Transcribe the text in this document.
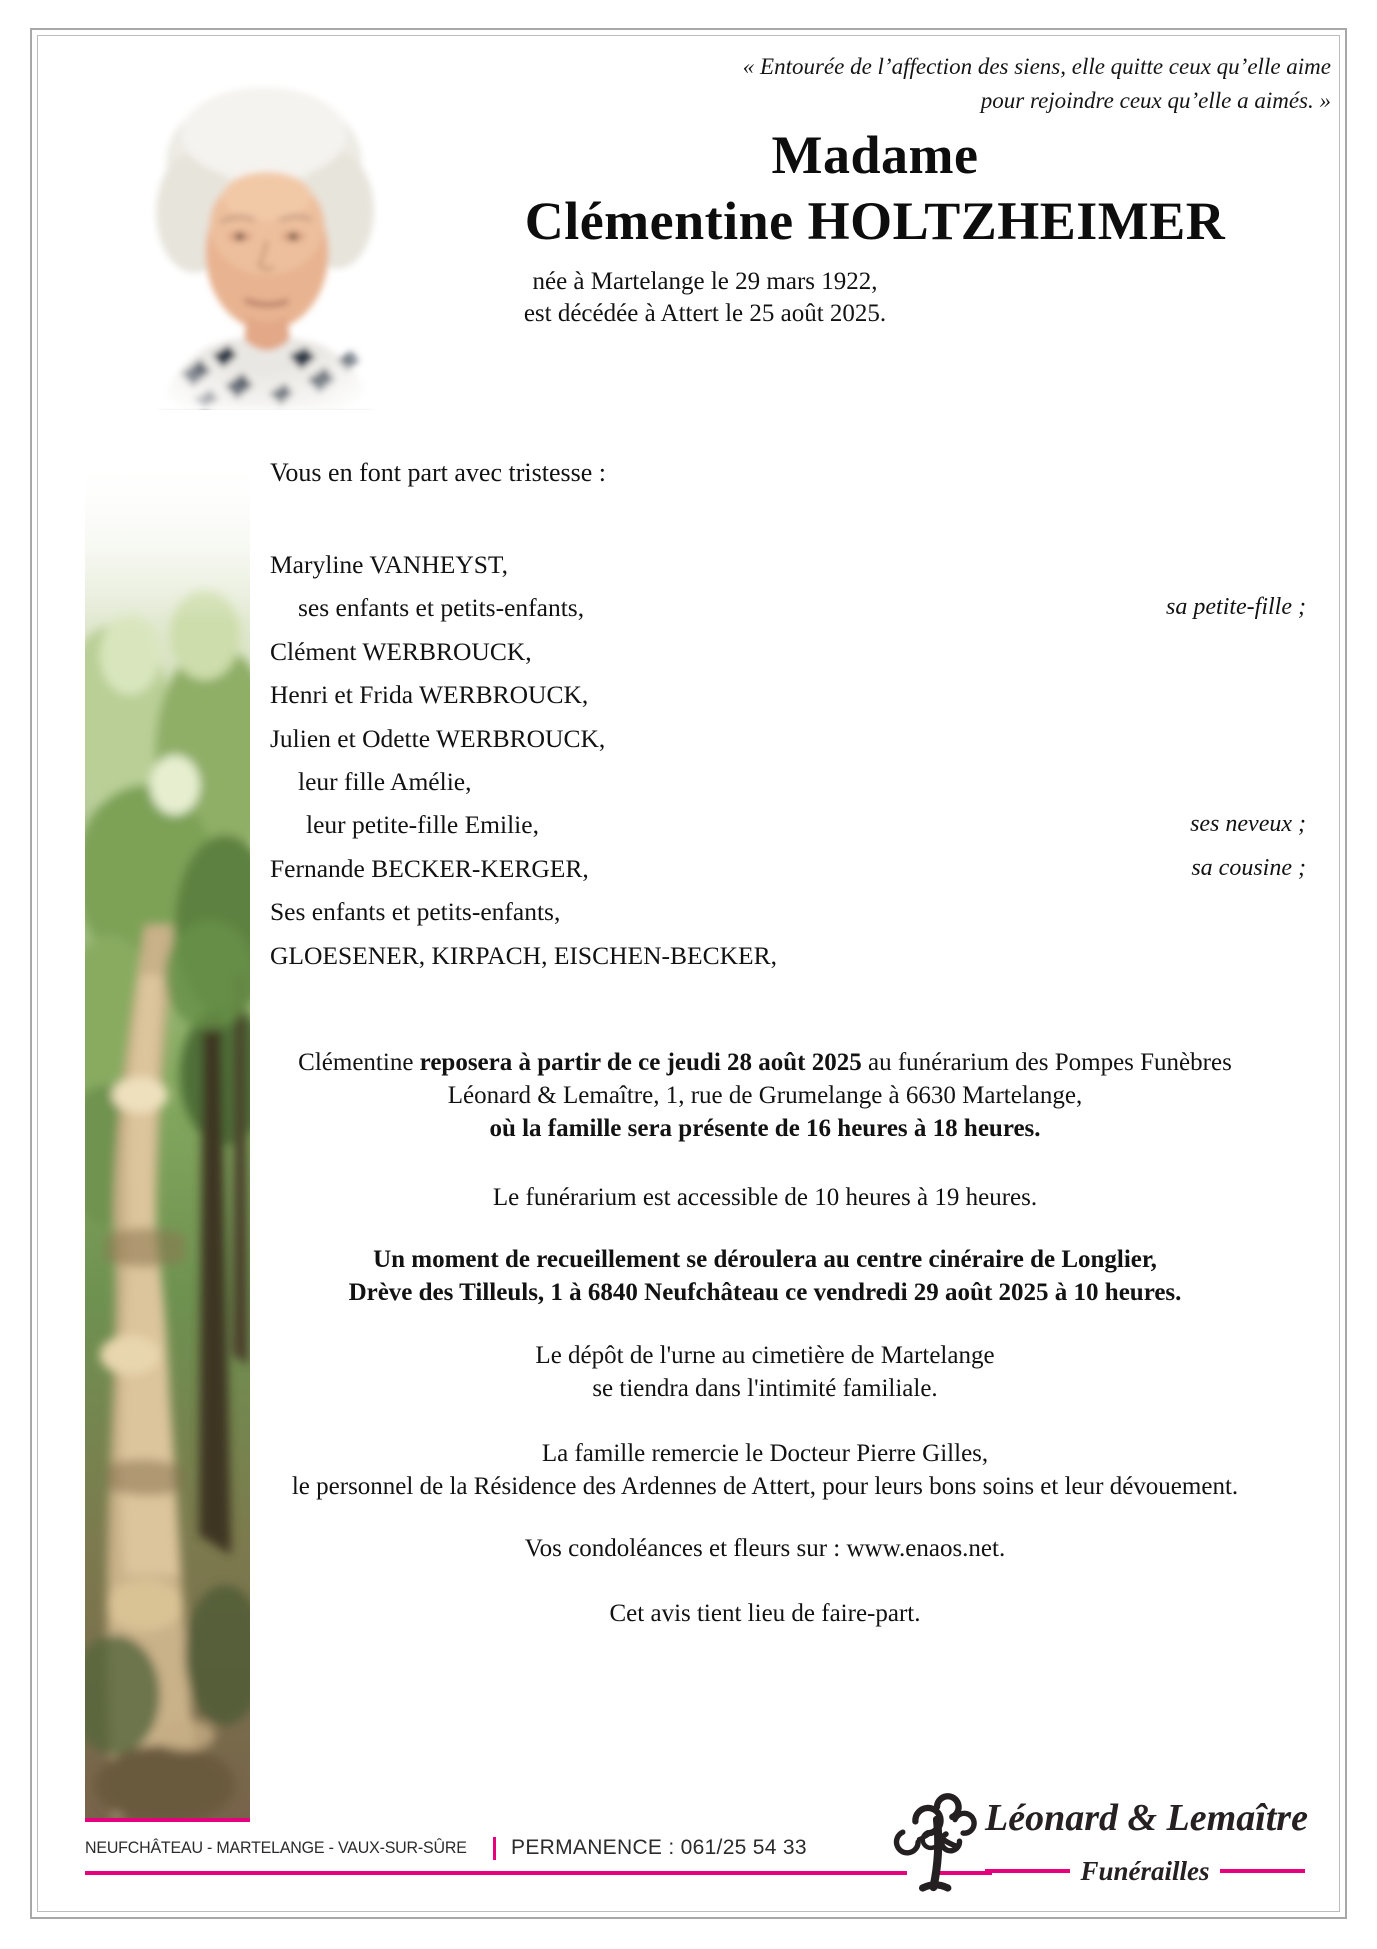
« Entourée de l’affection des siens, elle quitte ceux qu’elle aime
pour rejoindre ceux qu’elle a aimés. »
Madame
Clémentine HOLTZHEIMER
née à Martelange le 29 mars 1922,
est décédée à Attert le 25 août 2025.
Vous en font part avec tristesse :
Maryline VANHEYST,
ses enfants et petits-enfants,	sa petite-fille ;
Clément WERBROUCK,
Henri et Frida WERBROUCK,
Julien et Odette WERBROUCK,
leur fille Amélie,
leur petite-fille Emilie,	ses neveux ;
Fernande BECKER-KERGER,	sa cousine ;
Ses enfants et petits-enfants,
GLOESENER, KIRPACH, EISCHEN-BECKER,

Clémentine reposera à partir de ce jeudi 28 août 2025 au funérarium des Pompes Funèbres
Léonard & Lemaître, 1, rue de Grumelange à 6630 Martelange,
où la famille sera présente de 16 heures à 18 heures.

Le funérarium est accessible de 10 heures à 19 heures.

Un moment de recueillement se déroulera au centre cinéraire de Longlier,
Drève des Tilleuls, 1 à 6840 Neufchâteau ce vendredi 29 août 2025 à 10 heures.

Le dépôt de l'urne au cimetière de Martelange
se tiendra dans l'intimité familiale.

La famille remercie le Docteur Pierre Gilles,
le personnel de la Résidence des Ardennes de Attert, pour leurs bons soins et leur dévouement.

Vos condoléances et fleurs sur : www.enaos.net.

Cet avis tient lieu de faire-part.

NEUFCHÂTEAU - MARTELANGE - VAUX-SUR-SÛRE PERMANENCE : 061/25 54 33
Léonard & Lemaître
Funérailles
